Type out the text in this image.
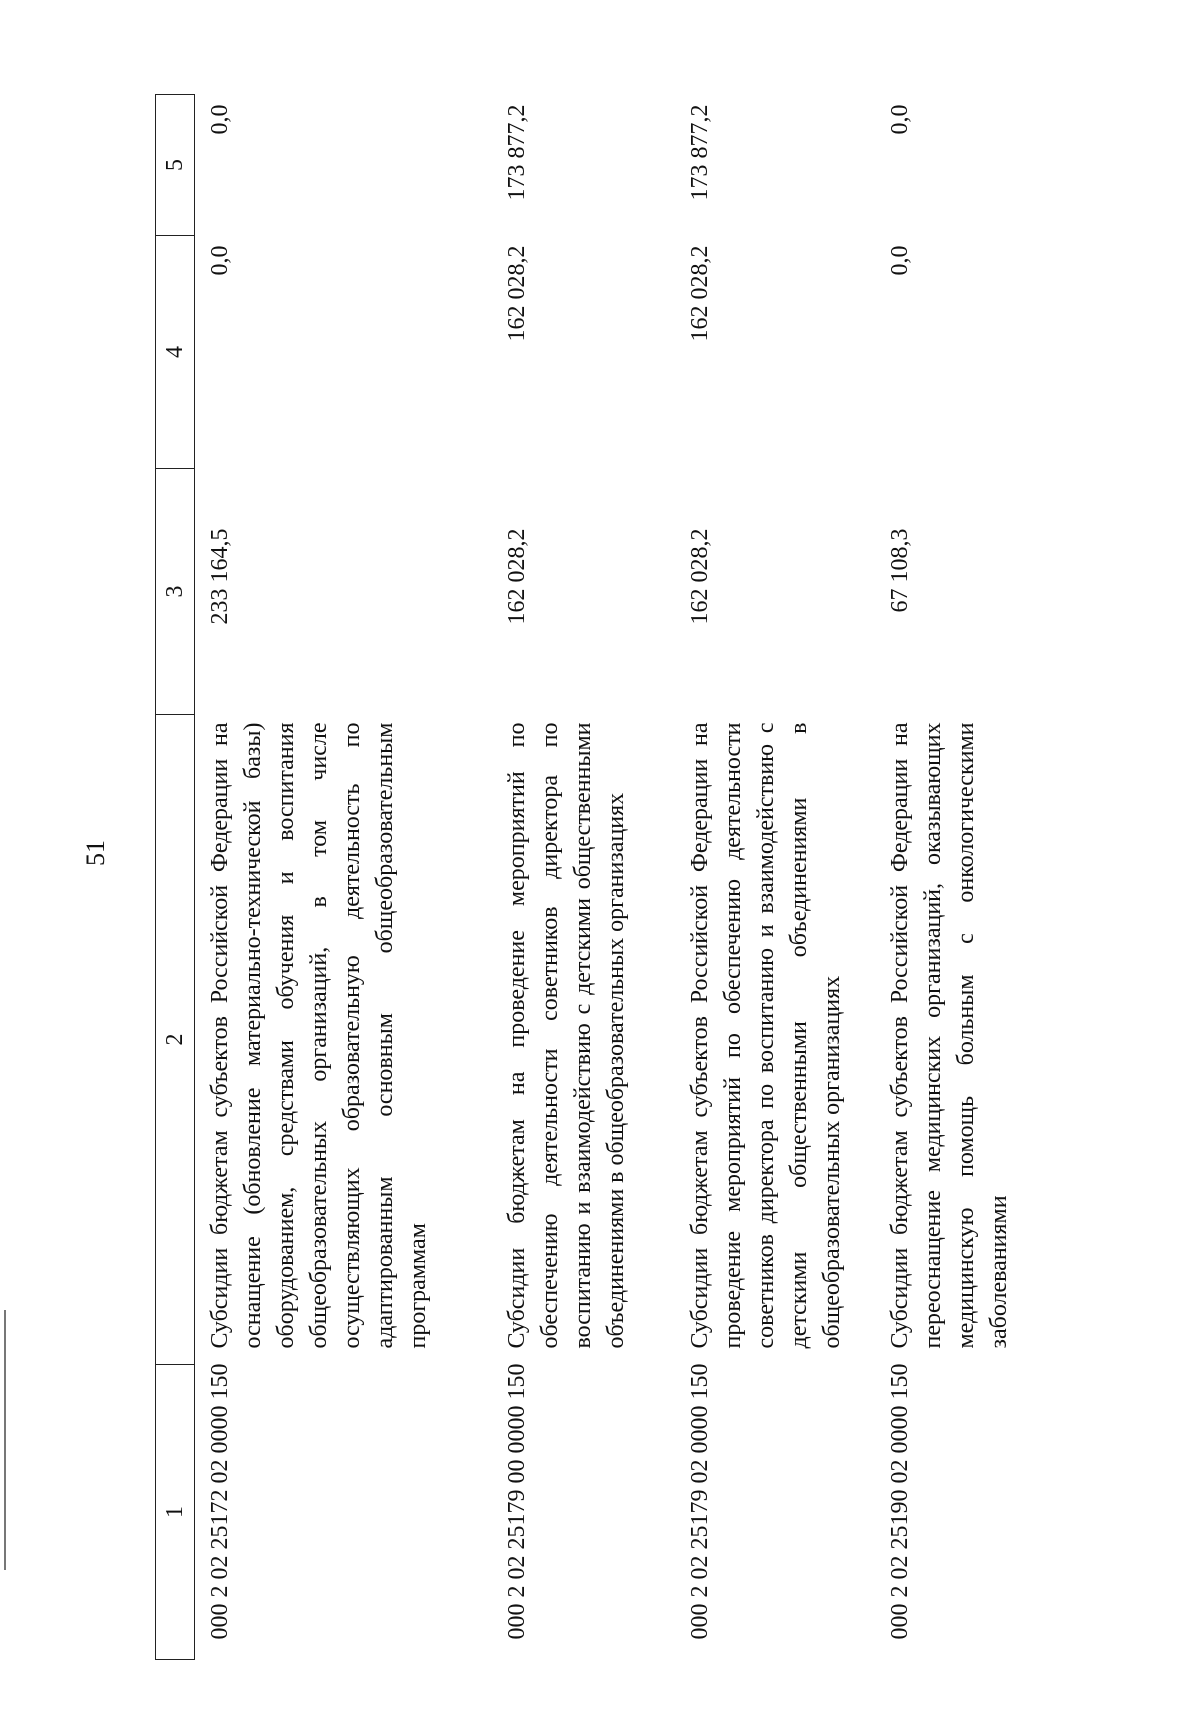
51
1	2	3	4	5
000 2 02 25172 02 0000 150	Субсидии бюджетам субъектов Российской Федерации на оснащение (обновление материально-технической базы) оборудованием, средствами обучения и воспитания общеобразовательных организаций, в том числе осуществляющих образовательную деятельность по адаптированным основным общеобразовательным программам	233 164,5	0,0	0,0
000 2 02 25179 00 0000 150	Субсидии бюджетам на проведение мероприятий по обеспечению деятельности советников директора по воспитанию и взаимодействию с детскими общественными объединениями в общеобразовательных организациях	162 028,2	162 028,2	173 877,2
000 2 02 25179 02 0000 150	Субсидии бюджетам субъектов Российской Федерации на проведение мероприятий по обеспечению деятельности советников директора по воспитанию и взаимодействию с детскими общественными объединениями в общеобразовательных организациях	162 028,2	162 028,2	173 877,2
000 2 02 25190 02 0000 150	Субсидии бюджетам субъектов Российской Федерации на переоснащение медицинских организаций, оказывающих медицинскую помощь больным с онкологическими заболеваниями	67 108,3	0,0	0,0
